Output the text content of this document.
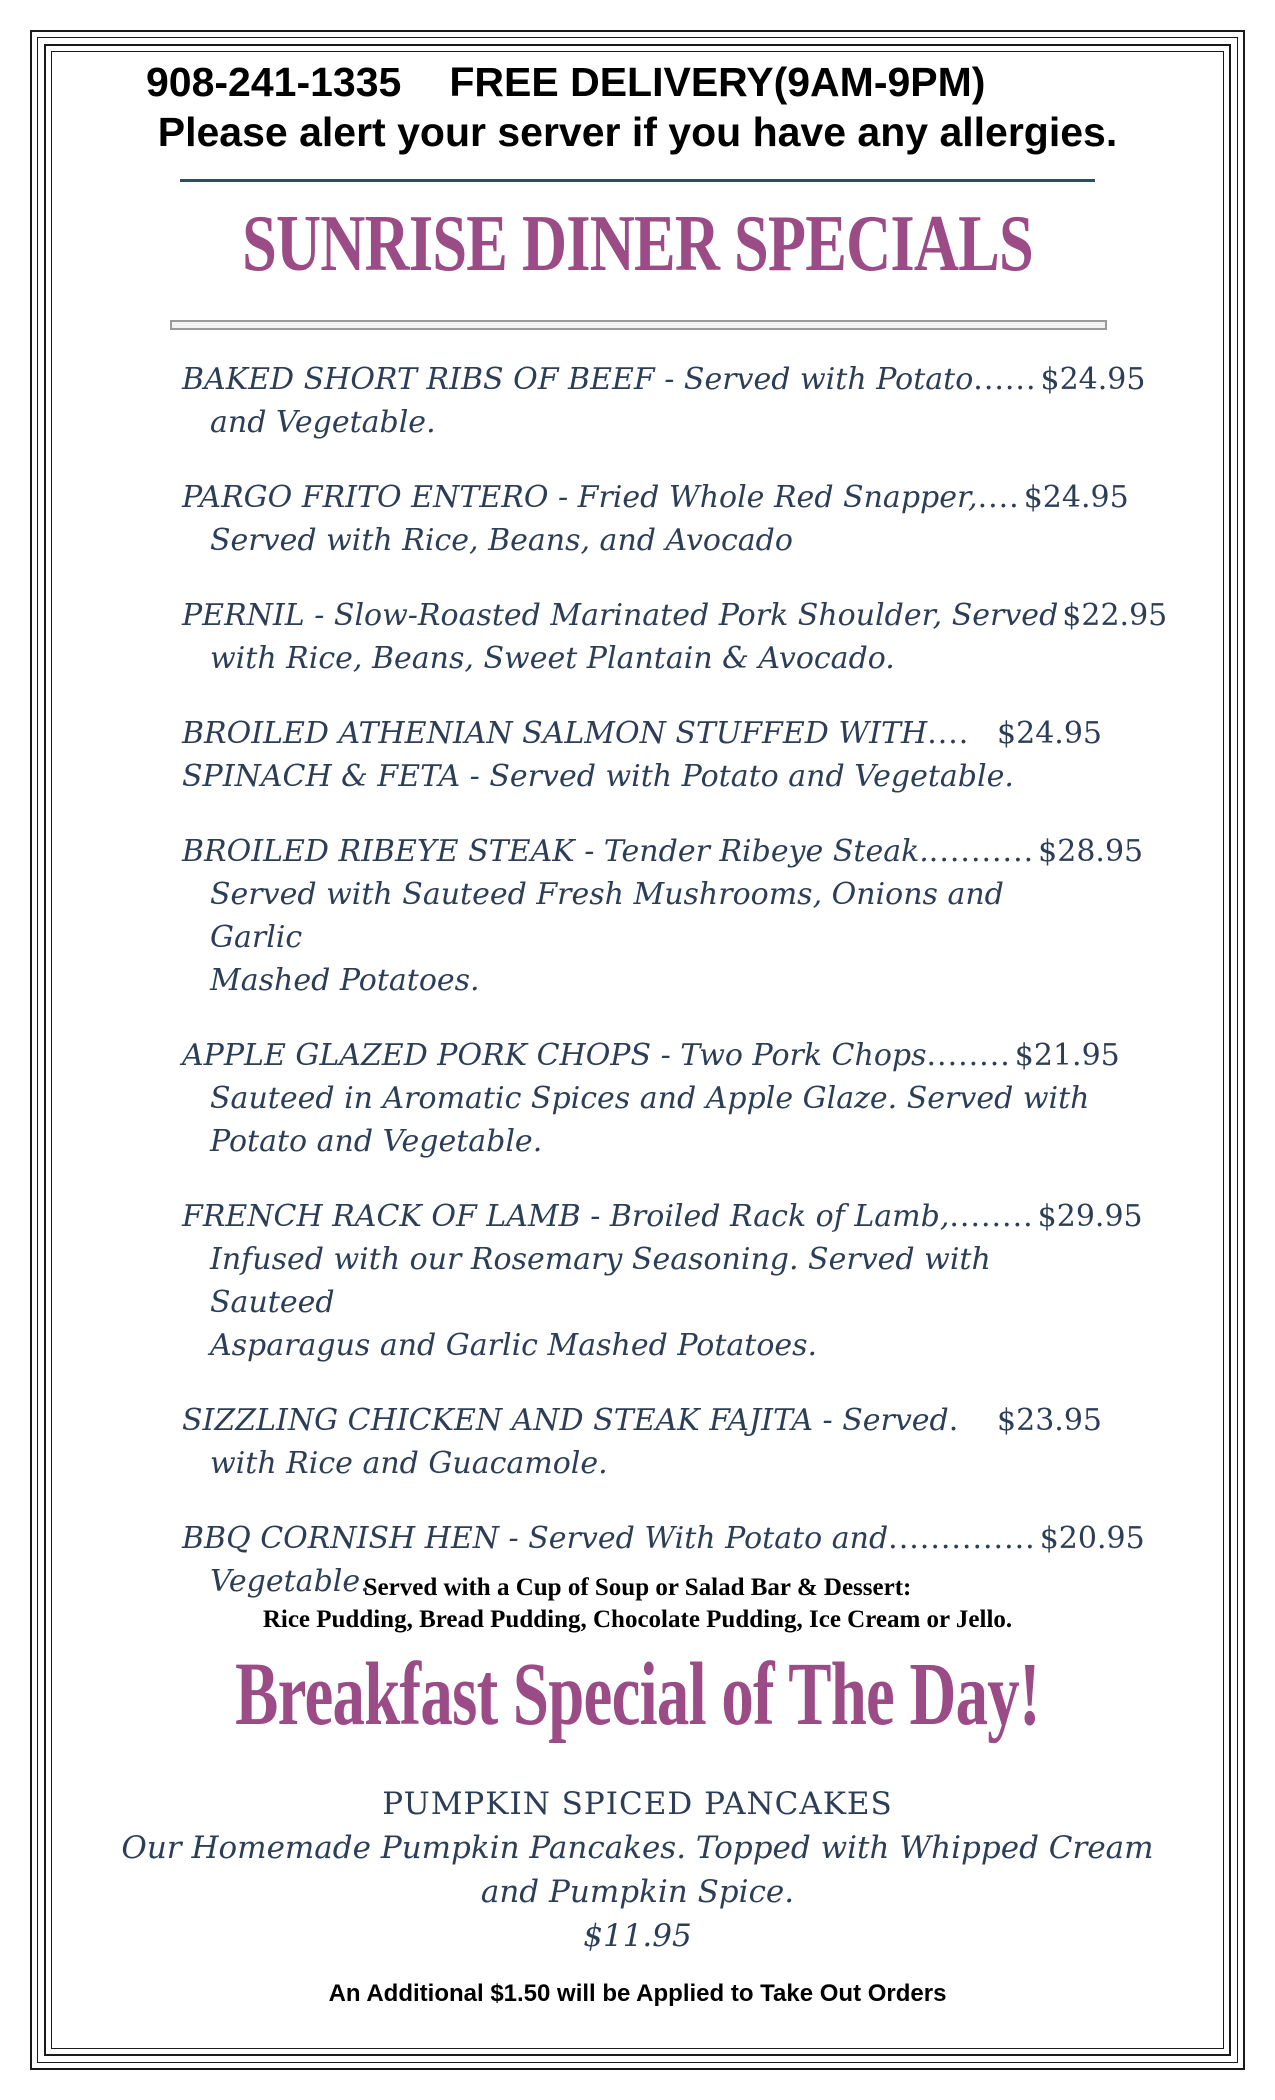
908-241-1335 FREE DELIVERY(9AM-9PM)
Please alert your server if you have any allergies.
SUNRISE DINER SPECIALS
BAKED SHORT RIBS OF BEEF - Served with Potato ...... $24.95
and Vegetable.
PARGO FRITO ENTERO - Fried Whole Red Snapper, .... $24.95
Served with Rice, Beans, and Avocado
PERNIL - Slow-Roasted Marinated Pork Shoulder, Served $22.95
with Rice, Beans, Sweet Plantain & Avocado.
BROILED ATHENIAN SALMON STUFFED WITH .... $24.95
SPINACH & FETA - Served with Potato and Vegetable.
BROILED RIBEYE STEAK - Tender Ribeye Steak. .......... $28.95
Served with Sauteed Fresh Mushrooms, Onions and Garlic
Mashed Potatoes.
APPLE GLAZED PORK CHOPS - Two Pork Chops ........ $21.95
Sauteed in Aromatic Spices and Apple Glaze. Served with
Potato and Vegetable.
FRENCH RACK OF LAMB - Broiled Rack of Lamb, ........ $29.95
Infused with our Rosemary Seasoning. Served with Sauteed
Asparagus and Garlic Mashed Potatoes.
SIZZLING CHICKEN AND STEAK FAJITA - Served .	$23.95
with Rice and Guacamole.
BBQ CORNISH HEN - Served With Potato and .............. $20.95
Vegetable.
Served with a Cup of Soup or Salad Bar & Dessert:
Rice Pudding, Bread Pudding, Chocolate Pudding, Ice Cream or Jello.
Breakfast Special of The Day!
PUMPKIN SPICED PANCAKES
Our Homemade Pumpkin Pancakes. Topped with Whipped Cream
and Pumpkin Spice.
$11.95
An Additional $1.50 will be Applied to Take Out Orders
